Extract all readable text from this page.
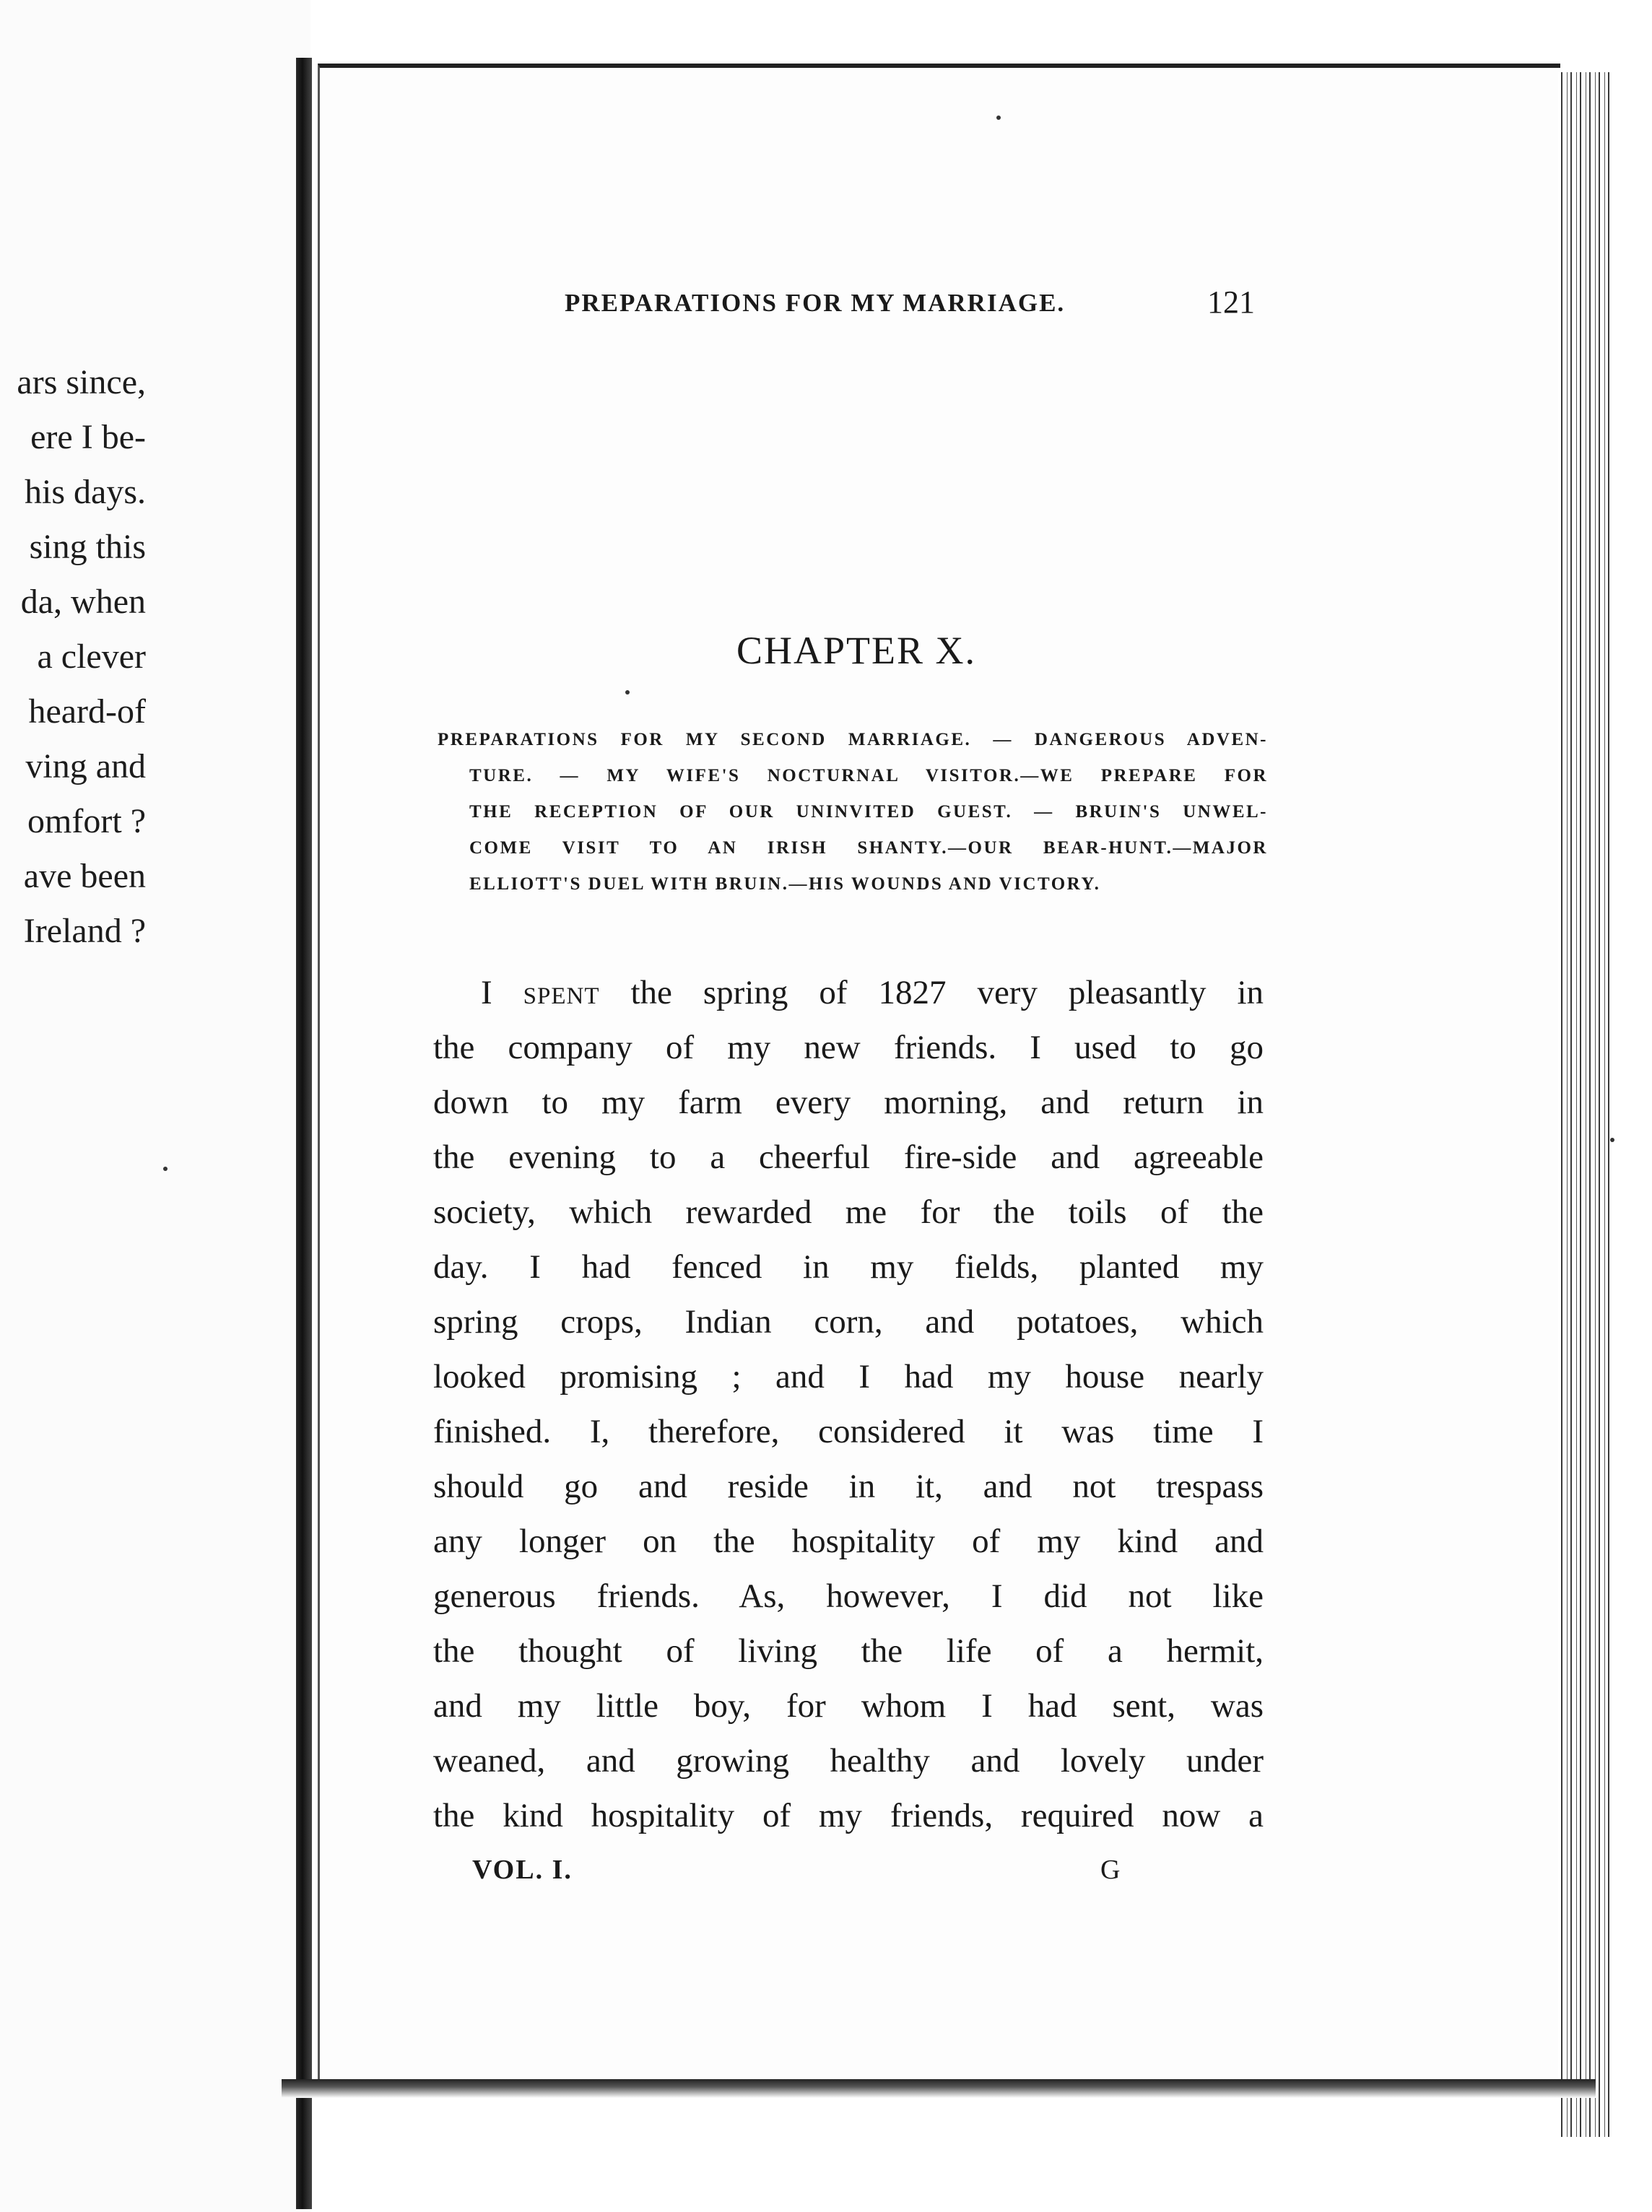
ars since,
ere I be-
his days.
sing this
da, when
a clever
heard-of
ving and
omfort ?
ave been
Ireland ?
PREPARATIONS FOR MY MARRIAGE.	121
CHAPTER X.
PREPARATIONS FOR MY SECOND MARRIAGE. — DANGEROUS ADVEN-
TURE. — MY WIFE'S NOCTURNAL VISITOR.—WE PREPARE FOR
THE RECEPTION OF OUR UNINVITED GUEST. — BRUIN'S UNWEL-
COME VISIT TO AN IRISH SHANTY.—OUR BEAR-HUNT.—MAJOR
ELLIOTT'S DUEL WITH BRUIN.—HIS WOUNDS AND VICTORY.
I spent the spring of 1827 very pleasantly in
the company of my new friends. I used to go
down to my farm every morning, and return in
the evening to a cheerful fire-side and agreeable
society, which rewarded me for the toils of the
day. I had fenced in my fields, planted my
spring crops, Indian corn, and potatoes, which
looked promising ; and I had my house nearly
finished. I, therefore, considered it was time I
should go and reside in it, and not trespass
any longer on the hospitality of my kind and
generous friends. As, however, I did not like
the thought of living the life of a hermit,
and my little boy, for whom I had sent, was
weaned, and growing healthy and lovely under
the kind hospitality of my friends, required now a
VOL. I.	G
